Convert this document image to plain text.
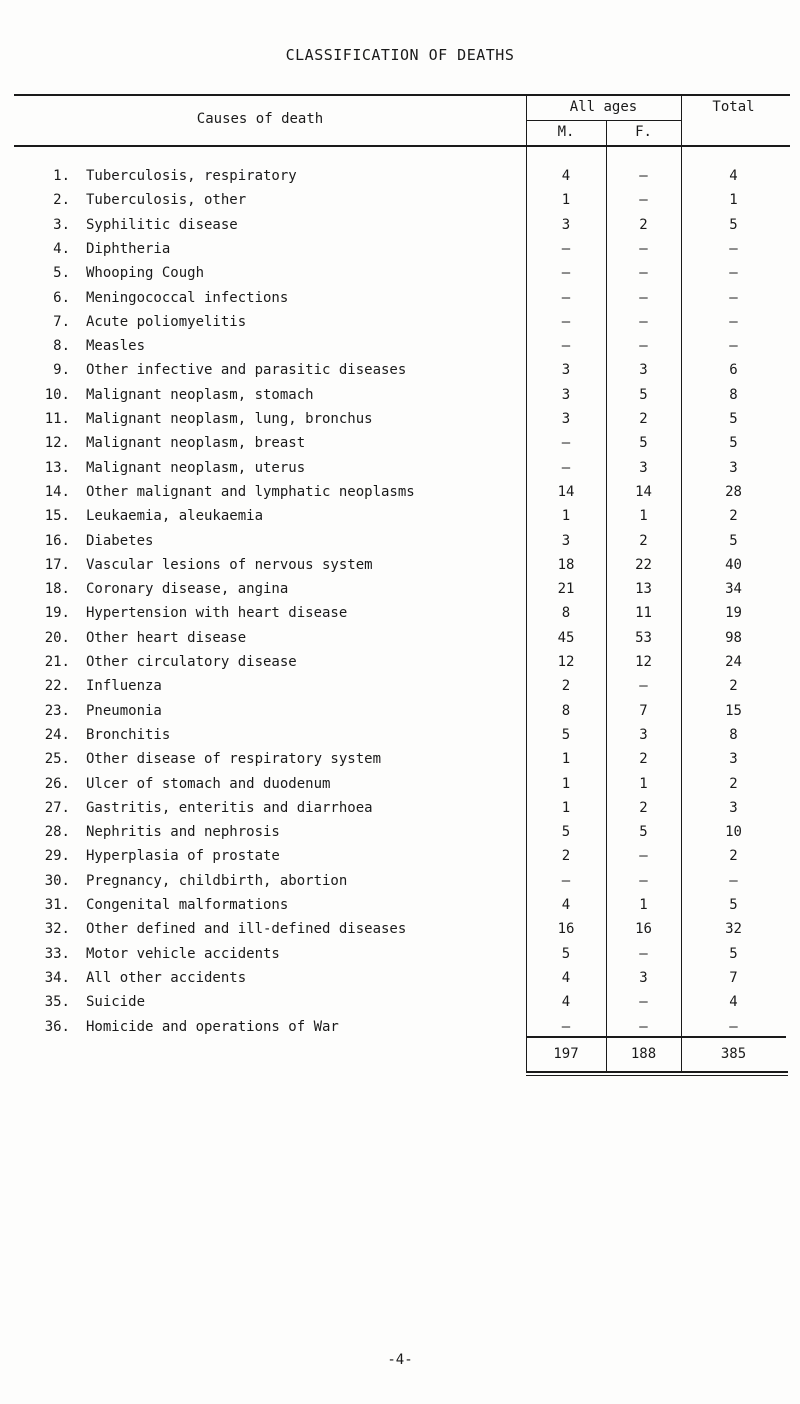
CLASSIFICATION OF DEATHS
Causes of death
All ages
M.	F.
Total
1. Tuberculosis, respiratory	4	–	4
2. Tuberculosis, other	1	–	1
3. Syphilitic disease	3	2	5
4. Diphtheria	–	–	–
5. Whooping Cough	–	–	–
6. Meningococcal infections	–	–	–
7. Acute poliomyelitis	–	–	–
8. Measles	–	–	–
9. Other infective and parasitic diseases	3	3	6
10. Malignant neoplasm, stomach	3	5	8
11. Malignant neoplasm, lung, bronchus	3	2	5
12. Malignant neoplasm, breast	–	5	5
13. Malignant neoplasm, uterus	–	3	3
14. Other malignant and lymphatic neoplasms	14	14	28
15. Leukaemia, aleukaemia	1	1	2
16. Diabetes	3	2	5
17. Vascular lesions of nervous system	18	22	40
18. Coronary disease, angina	21	13	34
19. Hypertension with heart disease	8	11	19
20. Other heart disease	45	53	98
21. Other circulatory disease	12	12	24
22. Influenza	2	–	2
23. Pneumonia	8	7	15
24. Bronchitis	5	3	8
25. Other disease of respiratory system	1	2	3
26. Ulcer of stomach and duodenum	1	1	2
27. Gastritis, enteritis and diarrhoea	1	2	3
28. Nephritis and nephrosis	5	5	10
29. Hyperplasia of prostate	2	–	2
30. Pregnancy, childbirth, abortion	–	–	–
31. Congenital malformations	4	1	5
32. Other defined and ill-defined diseases	16	16	32
33. Motor vehicle accidents	5	–	5
34. All other accidents	4	3	7
35. Suicide	4	–	4
36. Homicide and operations of War	–	–	–
197	188	385
-4-
